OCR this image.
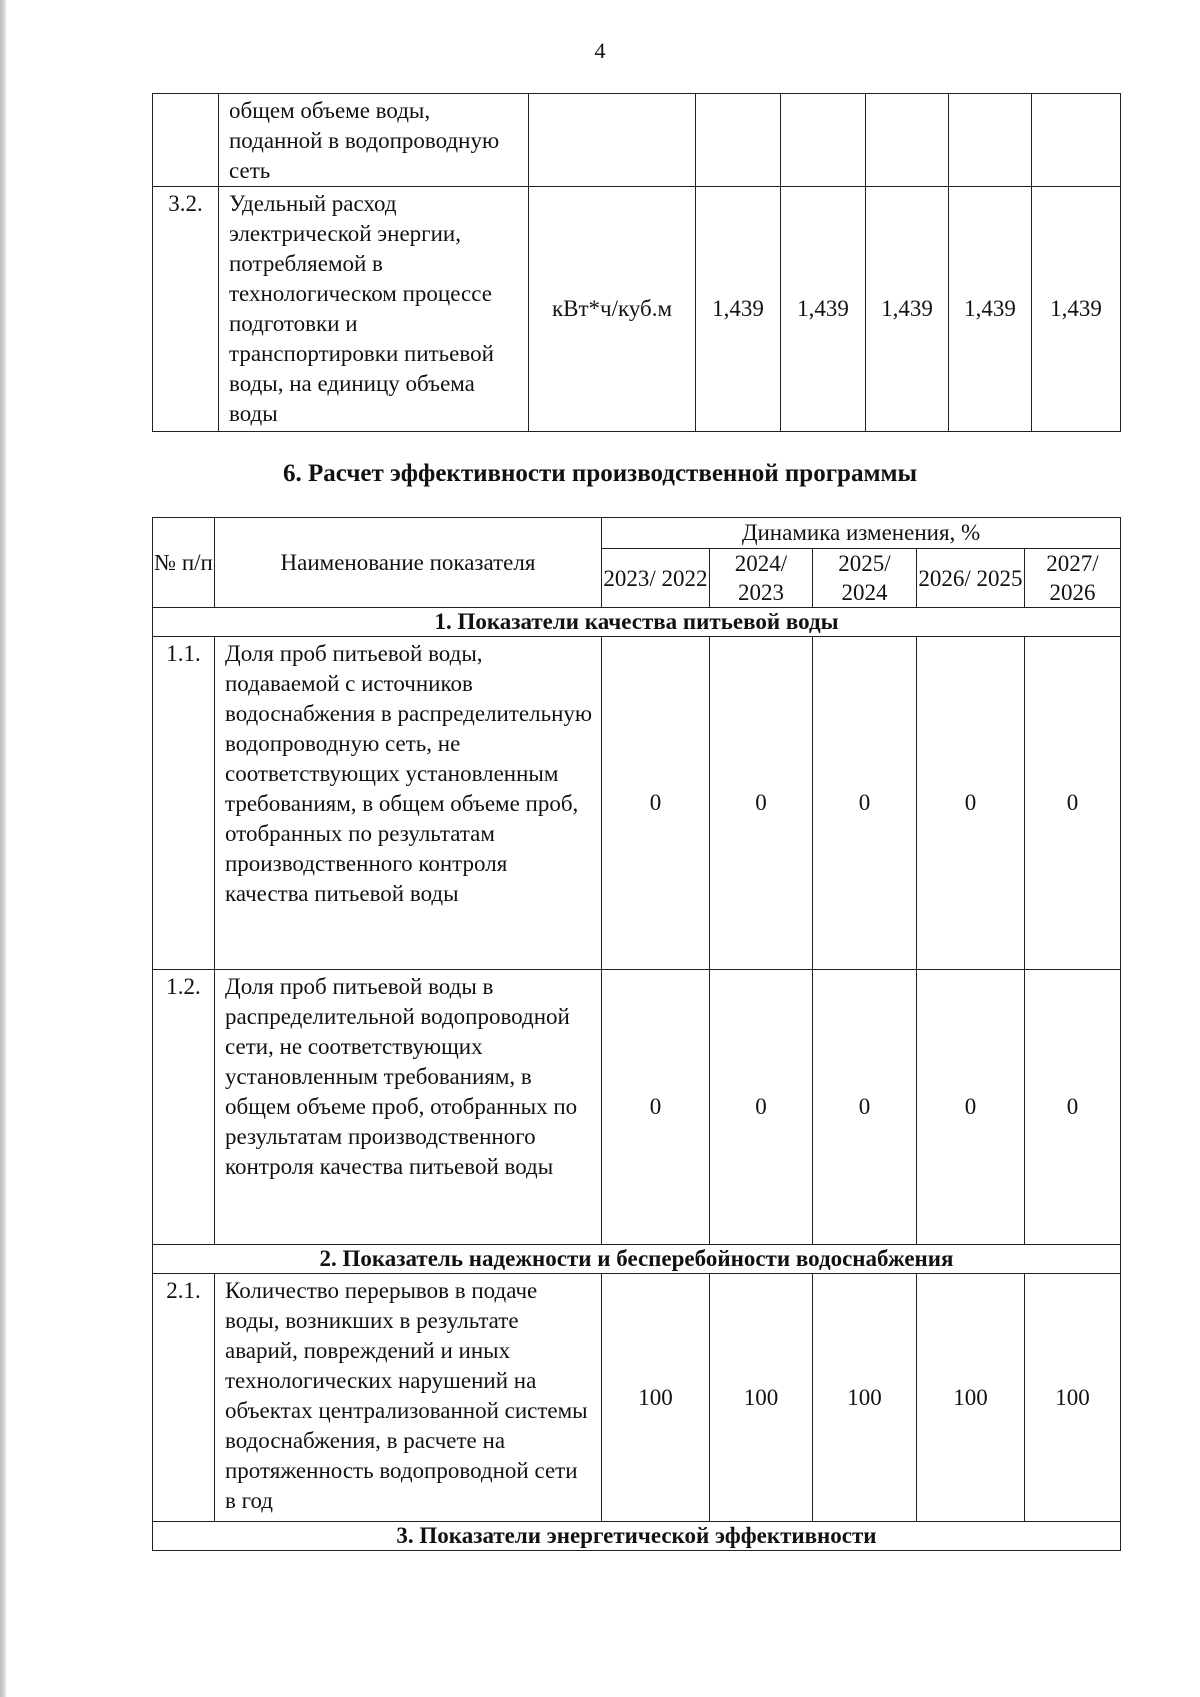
4
	общем объеме воды, поданной в водопроводную сеть						
3.2.	Удельный расход электрической энергии, потребляемой в технологическом процессе подготовки и транспортировки питьевой воды, на единицу объема воды	кВт*ч/куб.м	1,439	1,439	1,439	1,439	1,439
6. Расчет эффективности производственной программы
№ п/п	Наименование показателя	Динамика изменения, %				
		2023/ 2022	2024/ 2023	2025/ 2024	2026/ 2025	2027/ 2026
1. Показатели качества питьевой воды						
1.1.	Доля проб питьевой воды, подаваемой с источников водоснабжения в распределительную водопроводную сеть, не соответствующих установленным требованиям, в общем объеме проб, отобранных по результатам производственного контроля качества питьевой воды	0	0	0	0	0
1.2.	Доля проб питьевой воды в распределительной водопроводной сети, не соответствующих установленным требованиям, в общем объеме проб, отобранных по результатам производственного контроля качества питьевой воды	0	0	0	0	0
2. Показатель надежности и бесперебойности водоснабжения						
2.1.	Количество перерывов в подаче воды, возникших в результате аварий, повреждений и иных технологических нарушений на объектах централизованной системы водоснабжения, в расчете на протяженность водопроводной сети в год	100	100	100	100	100
3. Показатели энергетической эффективности						
